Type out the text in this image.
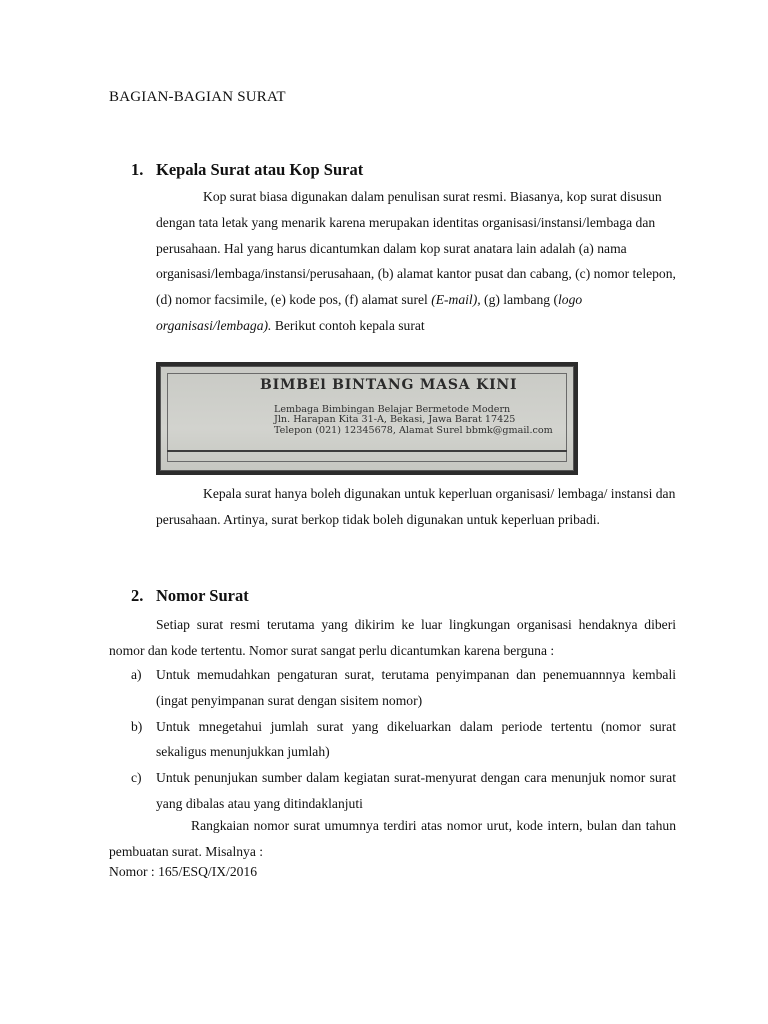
BAGIAN-BAGIAN SURAT
1. Kepala Surat atau Kop Surat

Kop surat biasa digunakan dalam penulisan surat resmi. Biasanya, kop surat disusun dengan tata letak yang menarik karena merupakan identitas organisasi/instansi/lembaga dan perusahaan. Hal yang harus dicantumkan dalam kop surat anatara lain adalah (a) nama organisasi/lembaga/instansi/perusahaan, (b) alamat kantor pusat dan cabang, (c) nomor telepon, (d) nomor facsimile, (e) kode pos, (f) alamat surel (E-mail), (g) lambang (logo organisasi/lembaga). Berikut contoh kepala surat

BIMBEl BINTANG MASA KINI
Lembaga Bimbingan Belajar Bermetode Modern
Jln. Harapan Kita 31-A, Bekasi, Jawa Barat 17425
Telepon (021) 12345678, Alamat Surel bbmk@gmail.com

Kepala surat hanya boleh digunakan untuk keperluan organisasi/ lembaga/ instansi dan perusahaan. Artinya, surat berkop tidak boleh digunakan untuk keperluan pribadi.

2. Nomor Surat

Setiap surat resmi terutama yang dikirim ke luar lingkungan organisasi hendaknya diberi nomor dan kode tertentu. Nomor surat sangat perlu dicantumkan karena berguna :

a) Untuk memudahkan pengaturan surat, terutama penyimpanan dan penemuannnya kembali (ingat penyimpanan surat dengan sisitem nomor)
b) Untuk mnegetahui jumlah surat yang dikeluarkan dalam periode tertentu (nomor surat sekaligus menunjukkan jumlah)
c) Untuk penunjukan sumber dalam kegiatan surat-menyurat dengan cara menunjuk nomor surat yang dibalas atau yang ditindaklanjuti

Rangkaian nomor surat umumnya terdiri atas nomor urut, kode intern, bulan dan tahun pembuatan surat. Misalnya :

Nomor : 165/ESQ/IX/2016
